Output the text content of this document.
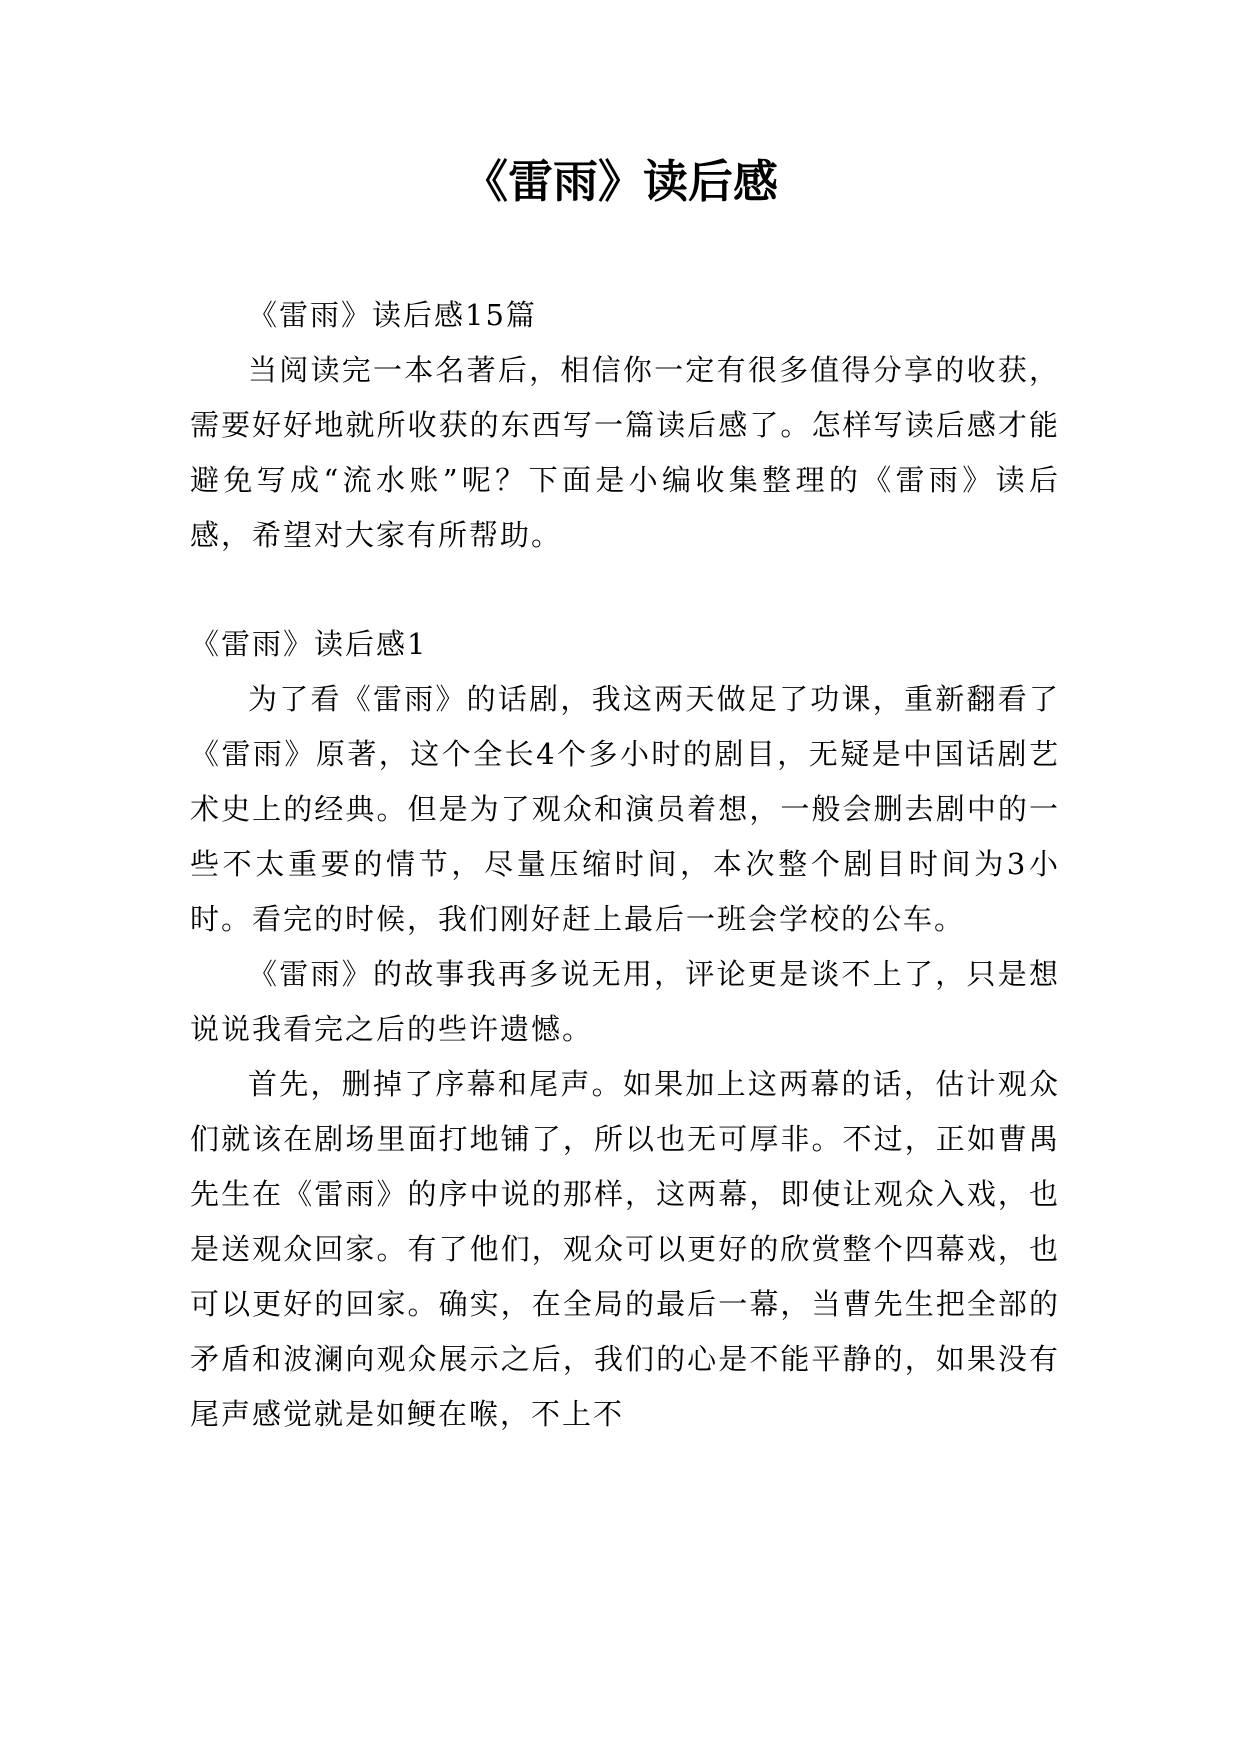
《雷雨》读后感

《雷雨》读后感15篇

当阅读完一本名著后，相信你一定有很多值得分享的收获，需要好好地就所收获的东西写一篇读后感了。怎样写读后感才能避免写成“流水账”呢？下面是小编收集整理的《雷雨》读后感，希望对大家有所帮助。

《雷雨》读后感1

为了看《雷雨》的话剧，我这两天做足了功课，重新翻看了《雷雨》原著，这个全长4个多小时的剧目，无疑是中国话剧艺术史上的经典。但是为了观众和演员着想，一般会删去剧中的一些不太重要的情节，尽量压缩时间，本次整个剧目时间为3小时。看完的时候，我们刚好赶上最后一班会学校的公车。

《雷雨》的故事我再多说无用，评论更是谈不上了，只是想说说我看完之后的些许遗憾。

首先，删掉了序幕和尾声。如果加上这两幕的话，估计观众们就该在剧场里面打地铺了，所以也无可厚非。不过，正如曹禺先生在《雷雨》的序中说的那样，这两幕，即使让观众入戏，也是送观众回家。有了他们，观众可以更好的欣赏整个四幕戏，也可以更好的回家。确实，在全局的最后一幕，当曹先生把全部的矛盾和波澜向观众展示之后，我们的心是不能平静的，如果没有尾声感觉就是如鲠在喉，不上不
